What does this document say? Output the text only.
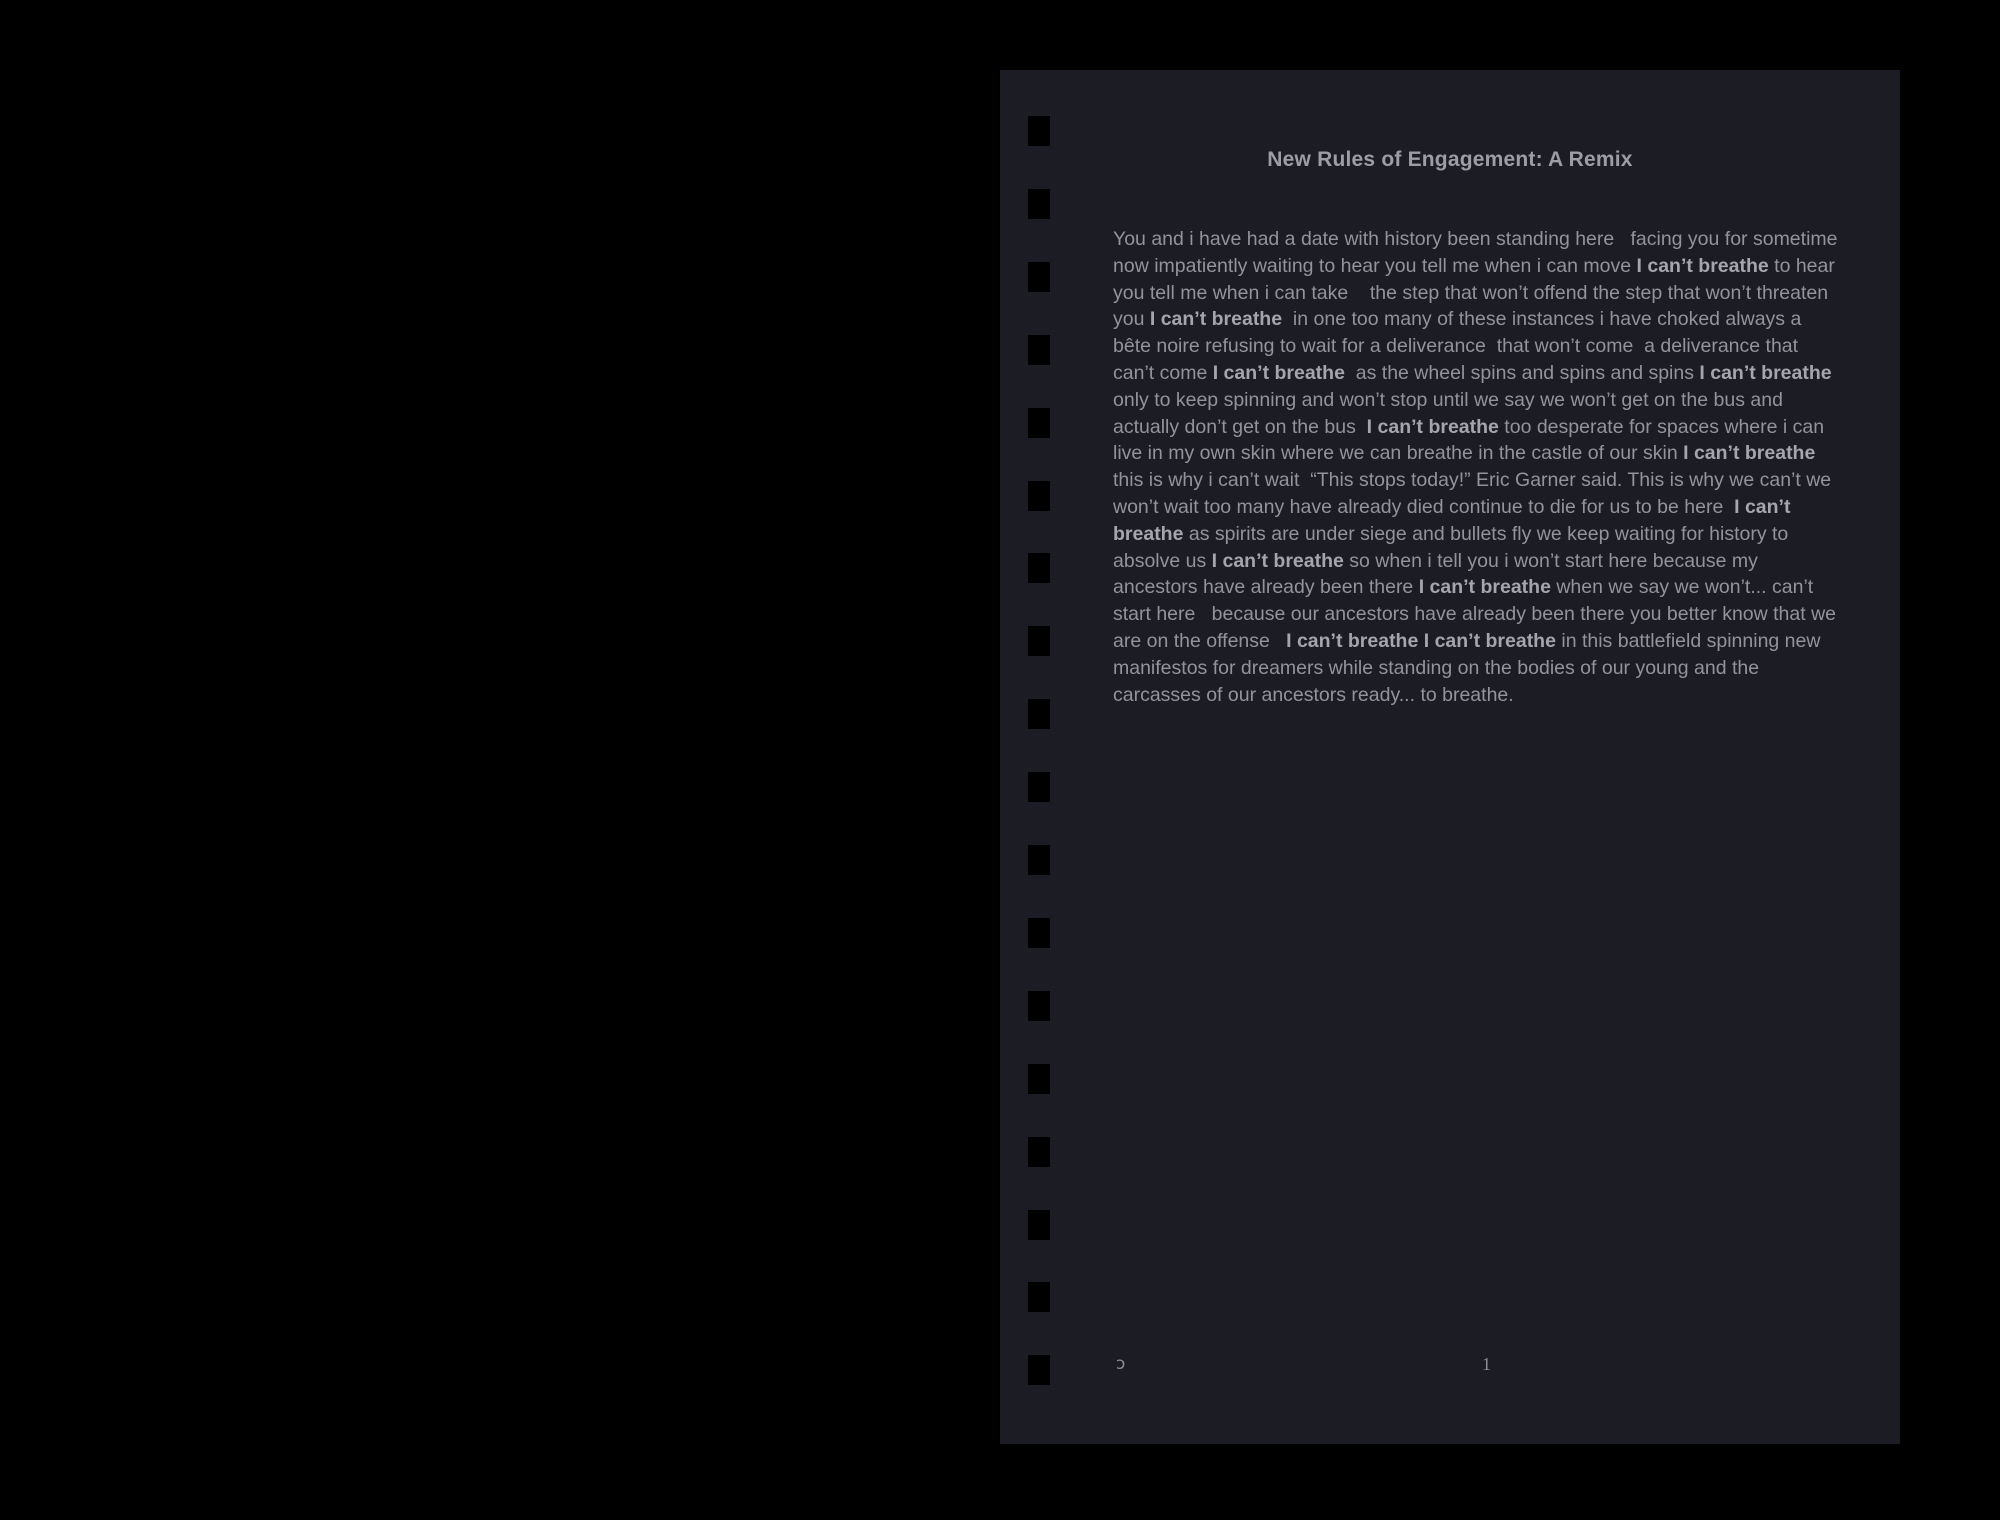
New Rules of Engagement: A Remix

You and i have had a date with history been standing here   facing you for sometime now impatiently waiting to hear you tell me when i can move I can’t breathe to hear you tell me when i can take    the step that won’t offend the step that won’t threaten you I can’t breathe  in one too many of these instances i have choked always a bête noire refusing to wait for a deliverance  that won’t come  a deliverance that can’t come I can’t breathe  as the wheel spins and spins and spins I can’t breathe only to keep spinning and won’t stop until we say we won’t get on the bus and actually don’t get on the bus  I can’t breathe too desperate for spaces where i can live in my own skin where we can breathe in the castle of our skin I can’t breathe this is why i can’t wait  “This stops today!” Eric Garner said. This is why we can’t we won’t wait too many have already died continue to die for us to be here  I can’t breathe as spirits are under siege and bullets fly we keep waiting for history to absolve us I can’t breathe so when i tell you i won’t start here because my ancestors have already been there I can’t breathe when we say we won’t... can’t start here   because our ancestors have already been there you better know that we are on the offense   I can’t breathe I can’t breathe in this battlefield spinning new manifestos for dreamers while standing on the bodies of our young and the carcasses of our ancestors ready... to breathe.

ↄ	1
